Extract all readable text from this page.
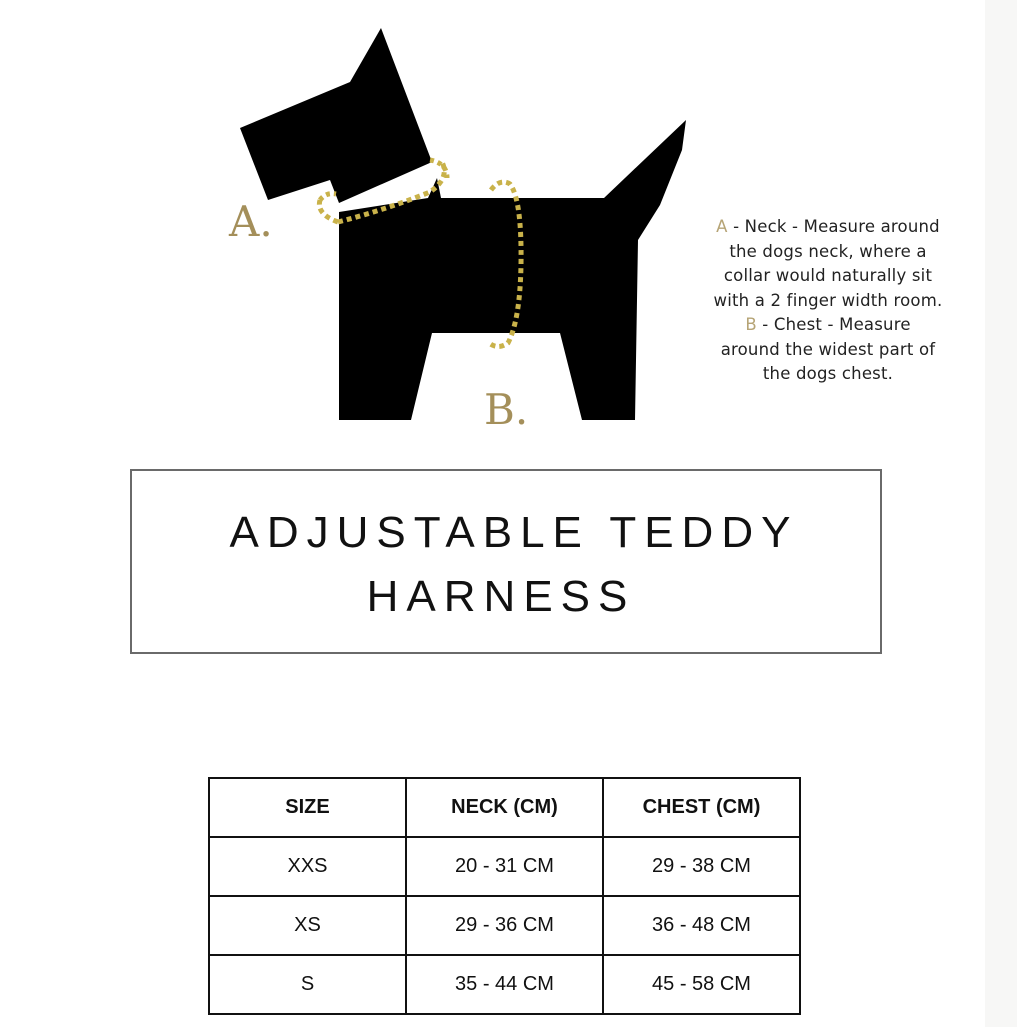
A.
B.
A - Neck - Measure around
the dogs neck, where a
collar would naturally sit
with a 2 finger width room.
B - Chest - Measure
around the widest part of
the dogs chest.
ADJUSTABLE TEDDY
HARNESS
SIZE	NECK (CM)	CHEST (CM)
XXS	20 - 31 CM	29 - 38 CM
XS	29 - 36 CM	36 - 48 CM
S	35 - 44 CM	45 - 58 CM
